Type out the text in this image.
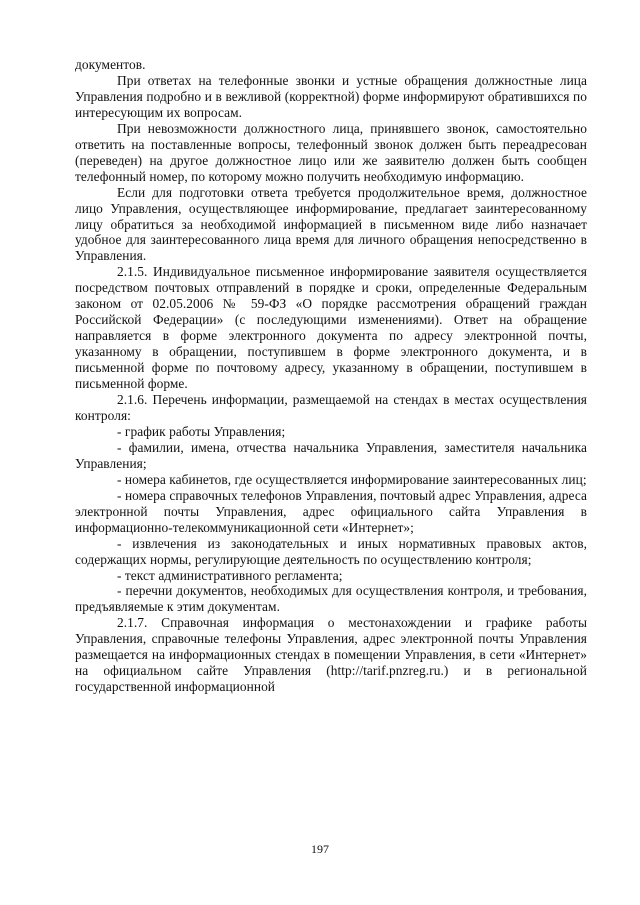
документов.

При ответах на телефонные звонки и устные обращения должностные лица Управления подробно и в вежливой (корректной) форме информируют обратившихся по интересующим их вопросам.

При невозможности должностного лица, принявшего звонок, самостоятельно ответить на поставленные вопросы, телефонный звонок должен быть переадресован (переведен) на другое должностное лицо или же заявителю должен быть сообщен телефонный номер, по которому можно получить необходимую информацию.

Если для подготовки ответа требуется продолжительное время, должностное лицо Управления, осуществляющее информирование, предлагает заинтересованному лицу обратиться за необходимой информацией в письменном виде либо назначает удобное для заинтересованного лица время для личного обращения непосредственно в Управления.

2.1.5. Индивидуальное письменное информирование заявителя осуществляется посредством почтовых отправлений в порядке и сроки, определенные Федеральным законом от 02.05.2006 № 59-ФЗ «О порядке рассмотрения обращений граждан Российской Федерации» (с последующими изменениями). Ответ на обращение направляется в форме электронного документа по адресу электронной почты, указанному в обращении, поступившем в форме электронного документа, и в письменной форме по почтовому адресу, указанному в обращении, поступившем в письменной форме.

2.1.6. Перечень информации, размещаемой на стендах в местах осуществления контроля:

- график работы Управления;

- фамилии, имена, отчества начальника Управления, заместителя начальника Управления;

- номера кабинетов, где осуществляется информирование заинтересованных лиц;

- номера справочных телефонов Управления, почтовый адрес Управления, адреса электронной почты Управления, адрес официального сайта Управления в информационно-телекоммуникационной сети «Интернет»;

- извлечения из законодательных и иных нормативных правовых актов, содержащих нормы, регулирующие деятельность по осуществлению контроля;

- текст административного регламента;

- перечни документов, необходимых для осуществления контроля, и требования, предъявляемые к этим документам.

2.1.7. Справочная информация о местонахождении и графике работы Управления, справочные телефоны Управления, адрес электронной почты Управления размещается на информационных стендах в помещении Управления, в сети «Интернет» на официальном сайте Управления (http://tarif.pnzreg.ru.) и в региональной государственной информационной

197
